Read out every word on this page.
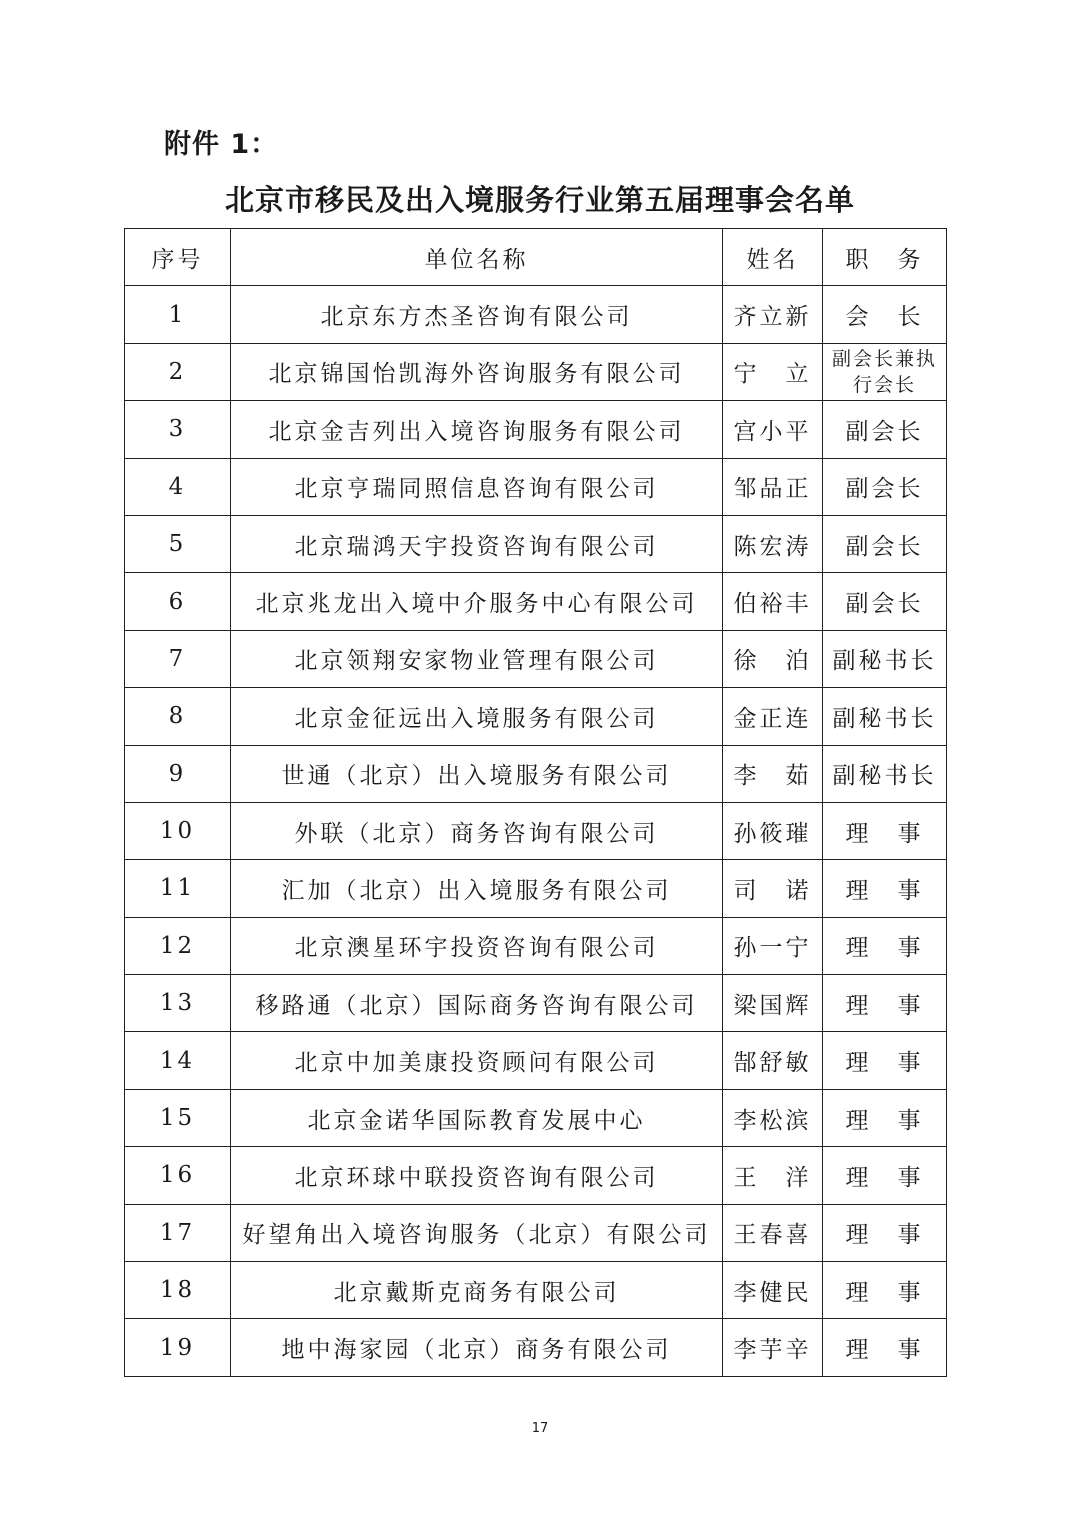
附件 1：
北京市移民及出入境服务行业第五届理事会名单
序号	单位名称	姓名	职　务
1	北京东方杰圣咨询有限公司	齐立新	会　长
2	北京锦国怡凯海外咨询服务有限公司	宁　立	副会长兼执行会长
3	北京金吉列出入境咨询服务有限公司	宫小平	副会长
4	北京亨瑞同照信息咨询有限公司	邹品正	副会长
5	北京瑞鸿天宇投资咨询有限公司	陈宏涛	副会长
6	北京兆龙出入境中介服务中心有限公司	伯裕丰	副会长
7	北京领翔安家物业管理有限公司	徐　泊	副秘书长
8	北京金征远出入境服务有限公司	金正连	副秘书长
9	世通（北京）出入境服务有限公司	李　茹	副秘书长
10	外联（北京）商务咨询有限公司	孙筱璀	理　事
11	汇加（北京）出入境服务有限公司	司　诺	理　事
12	北京澳星环宇投资咨询有限公司	孙一宁	理　事
13	移路通（北京）国际商务咨询有限公司	梁国辉	理　事
14	北京中加美康投资顾问有限公司	郜舒敏	理　事
15	北京金诺华国际教育发展中心	李松滨	理　事
16	北京环球中联投资咨询有限公司	王　洋	理　事
17	好望角出入境咨询服务（北京）有限公司	王春喜	理　事
18	北京戴斯克商务有限公司	李健民	理　事
19	地中海家园（北京）商务有限公司	李芋辛	理　事
17
